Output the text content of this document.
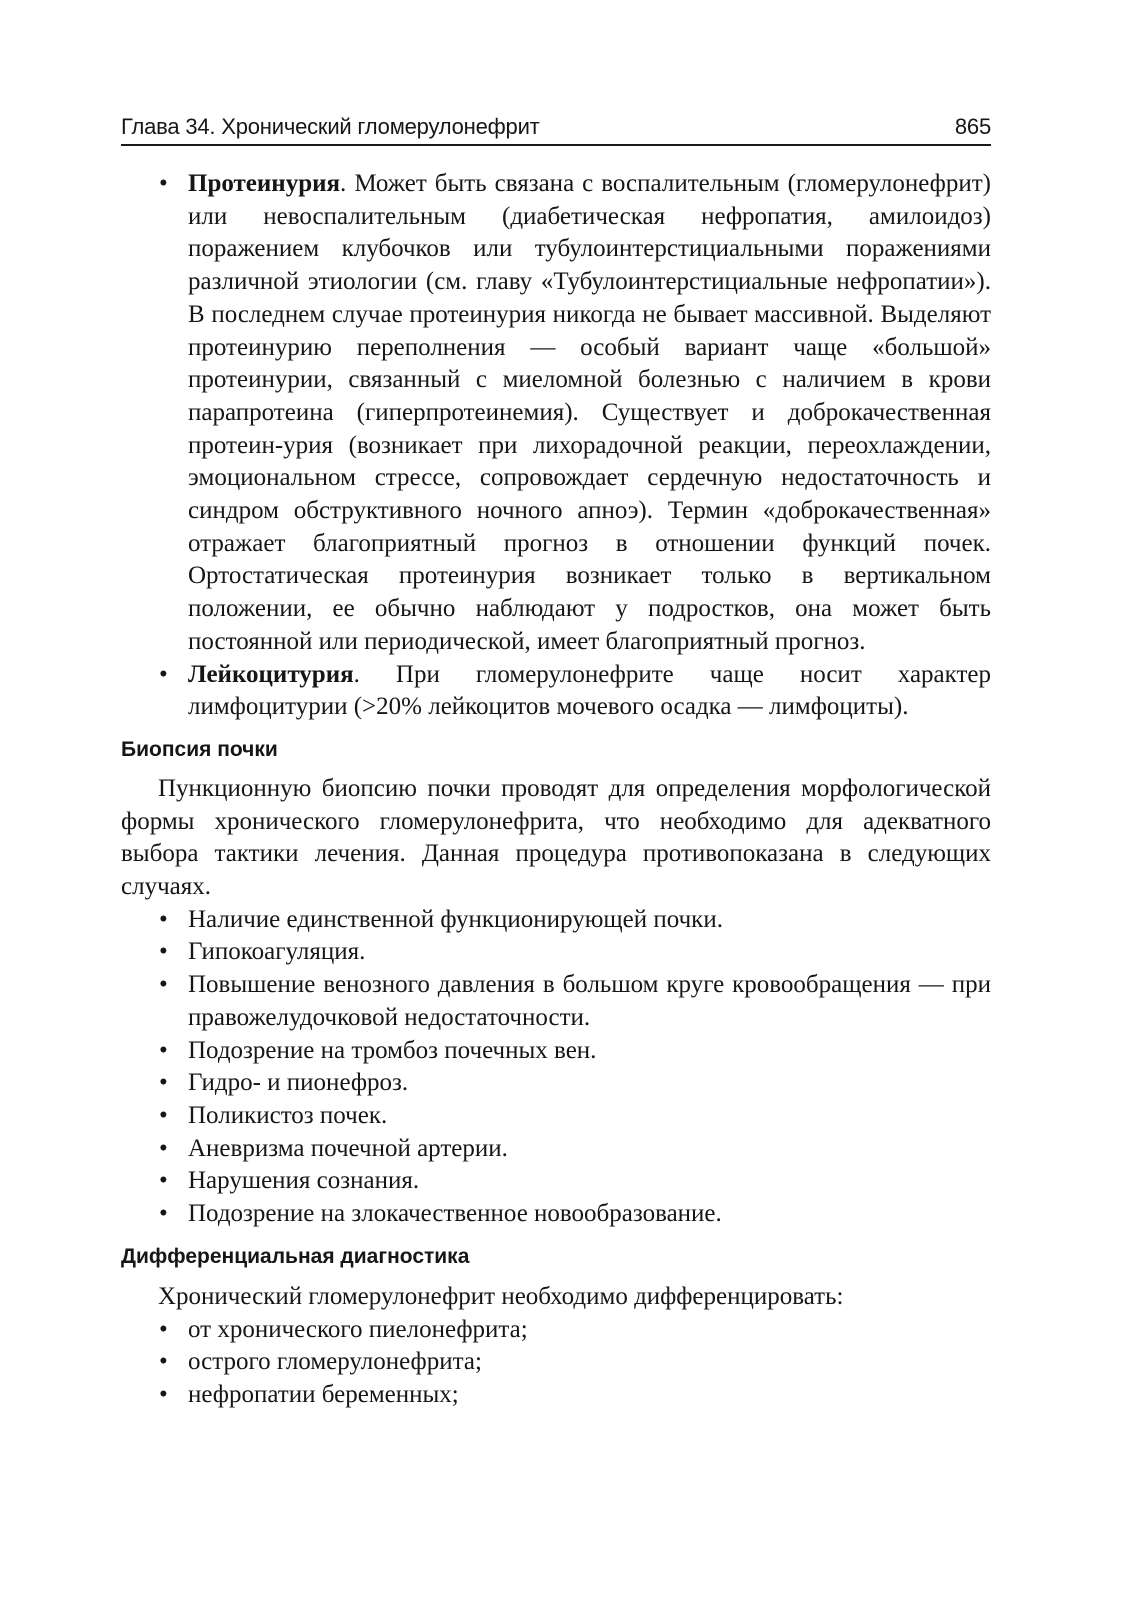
Глава 34. Хронический гломерулонефрит	865
• Протеинурия. Может быть связана с воспалительным (гломерулонефрит) или невоспалительным (диабетическая нефропатия, амилоидоз) поражением клубочков или тубулоинтерстициальными поражениями различной этиологии (см. главу «Тубулоинтерстициальные нефропатии»). В последнем случае протеинурия никогда не бывает массивной. Выделяют протеинурию переполнения — особый вариант чаще «большой» протеинурии, связанный с миеломной болезнью с наличием в крови парапротеина (гиперпротеинемия). Существует и доброкачественная протеин-урия (возникает при лихорадочной реакции, переохлаждении, эмоциональном стрессе, сопровождает сердечную недостаточность и синдром обструктивного ночного апноэ). Термин «доброкачественная» отражает благоприятный прогноз в отношении функций почек. Ортостатическая протеинурия возникает только в вертикальном положении, ее обычно наблюдают у подростков, она может быть постоянной или периодической, имеет благоприятный прогноз.
• Лейкоцитурия. При гломерулонефрите чаще носит характер лимфоцитурии (>20% лейкоцитов мочевого осадка — лимфоциты).
Биопсия почки

Пункционную биопсию почки проводят для определения морфологической формы хронического гломерулонефрита, что необходимо для адекватного выбора тактики лечения. Данная процедура противопоказана в следующих случаях.

• Наличие единственной функционирующей почки.
• Гипокоагуляция.
• Повышение венозного давления в большом круге кровообращения — при правожелудочковой недостаточности.
• Подозрение на тромбоз почечных вен.
• Гидро- и пионефроз.
• Поликистоз почек.
• Аневризма почечной артерии.
• Нарушения сознания.
• Подозрение на злокачественное новообразование.
Дифференциальная диагностика

Хронический гломерулонефрит необходимо дифференцировать:

• от хронического пиелонефрита;
• острого гломерулонефрита;
• нефропатии беременных;
